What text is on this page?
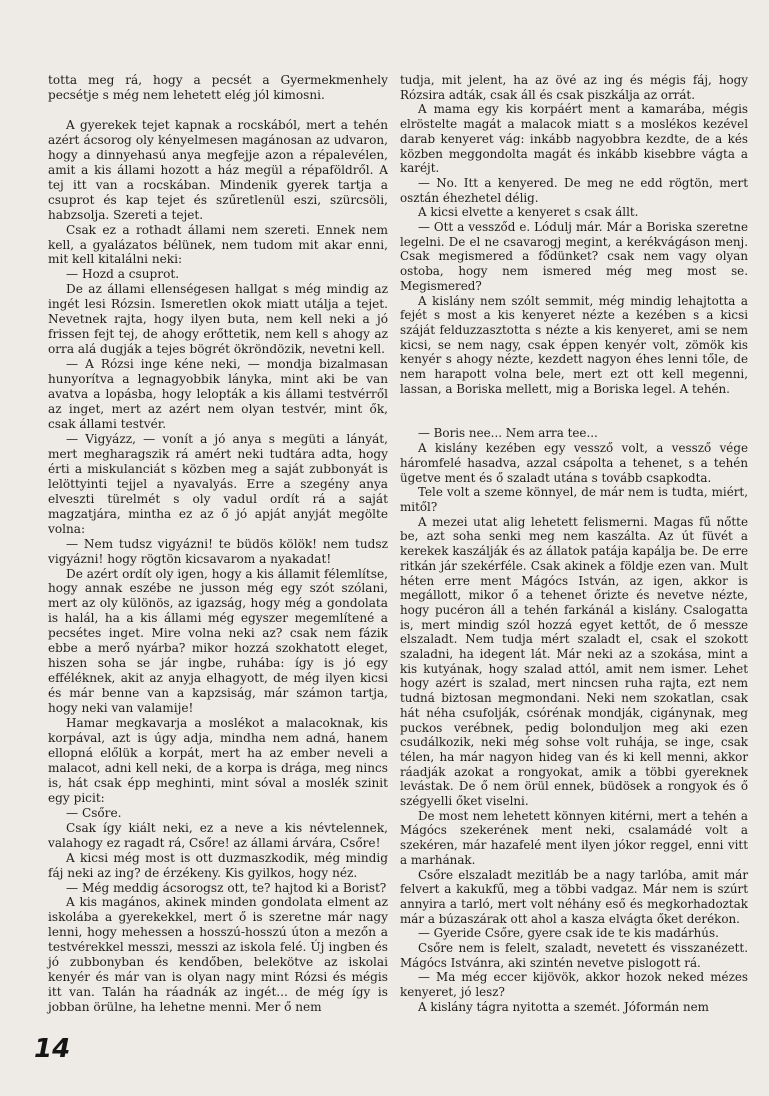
totta meg rá, hogy a pecsét a Gyermekmenhely pecsétje s még nem lehetett elég jól kimosni.

A gyerekek tejet kapnak a rocskából, mert a tehén azért ácsorog oly kényelmesen magánosan az udvaron, hogy a dinnyehasú anya megfejje azon a répalevélen, amit a kis állami hozott a ház megül a répaföldről. A tej itt van a rocskában. Mindenik gyerek tartja a csuprot és kap tejet és szűretlenül eszi, szürcsöli, habzsolja. Szereti a tejet.

Csak ez a rothadt állami nem szereti. Ennek nem kell, a gyalázatos bélünek, nem tudom mit akar enni, mit kell kitalálni neki:

— Hozd a csuprot.

De az állami ellenségesen hallgat s még mindig az ingét lesi Rózsin. Ismeretlen okok miatt utálja a tejet. Nevetnek rajta, hogy ilyen buta, nem kell neki a jó frissen fejt tej, de ahogy erőttetik, nem kell s ahogy az orra alá dugják a tejes bögrét ökröndözik, nevetni kell.

— A Rózsi inge kéne neki, — mondja bizalmasan hunyorítva a legnagyobbik lányka, mint aki be van avatva a lopásba, hogy lelopták a kis állami testvérről az inget, mert az azért nem olyan testvér, mint ők, csak állami testvér.

— Vigyázz, — vonít a jó anya s megüti a lányát, mert megharagszik rá amért neki tudtára adta, hogy érti a miskulanciát s közben meg a saját zubbonyát is lelöttyinti tejjel a nyavalyás. Erre a szegény anya elveszti türelmét s oly vadul ordít rá a saját magzatjára, mintha ez az ő jó apját anyját megölte volna:

— Nem tudsz vigyázni! te büdös kölök! nem tudsz vigyázni! hogy rögtön kicsavarom a nyakadat!

De azért ordít oly igen, hogy a kis államit félemlítse, hogy annak eszébe ne jusson még egy szót szólani, mert az oly különös, az igazság, hogy még a gondolata is halál, ha a kis állami még egyszer megemlítené a pecsétes inget. Mire volna neki az? csak nem fázik ebbe a merő nyárba? mikor hozzá szokhatott eleget, hiszen soha se jár ingbe, ruhába: így is jó egy efféléknek, akit az anyja elhagyott, de még ilyen kicsi és már benne van a kapzsiság, már számon tartja, hogy neki van valamije!

Hamar megkavarja a moslékot a malacoknak, kis korpával, azt is úgy adja, mindha nem adná, hanem ellopná előlük a korpát, mert ha az ember neveli a malacot, adni kell neki, de a korpa is drága, meg nincs is, hát csak épp meghinti, mint sóval a moslék szinit egy picit:

— Csőre.

Csak így kiált neki, ez a neve a kis névtelennek, valahogy ez ragadt rá, Csőre! az állami árvára, Csőre!

A kicsi még most is ott duzmaszkodik, még mindig fáj neki az ing? de érzékeny. Kis gyilkos, hogy néz.

— Még meddig ácsorogsz ott, te? hajtod ki a Borist?

A kis magános, akinek minden gondolata elment az iskolába a gyerekekkel, mert ő is szeretne már nagy lenni, hogy mehessen a hosszú-hosszú úton a mezőn a testvérekkel messzi, messzi az iskola felé. Új ingben és jó zubbonyban és kendőben, belekötve az iskolai kenyér és már van is olyan nagy mint Rózsi és mégis itt van. Talán ha ráadnák az ingét... de még így is jobban örülne, ha lehetne menni. Mer ő nem

tudja, mit jelent, ha az övé az ing és mégis fáj, hogy Rózsira adták, csak áll és csak piszkálja az orrát.

A mama egy kis korpáért ment a kamarába, mégis elröstelte magát a malacok miatt s a moslékos kezével darab kenyeret vág: inkább nagyobbra kezdte, de a kés közben meggondolta magát és inkább kisebbre vágta a karéjt.

— No. Itt a kenyered. De meg ne edd rögtön, mert osztán éhezhetel délig.

A kicsi elvette a kenyeret s csak állt.

— Ott a vessződ e. Lódulj már. Már a Boriska szeretne legelni. De el ne csavarogj megint, a kerékvágáson menj. Csak megismered a fődünket? csak nem vagy olyan ostoba, hogy nem ismered még meg most se. Megismered?

A kislány nem szólt semmit, még mindig lehajtotta a fejét s most a kis kenyeret nézte a kezében s a kicsi száját felduzzasztotta s nézte a kis kenyeret, ami se nem kicsi, se nem nagy, csak éppen kenyér volt, zömök kis kenyér s ahogy nézte, kezdett nagyon éhes lenni tőle, de nem harapott volna bele, mert ezt ott kell megenni, lassan, a Boriska mellett, mig a Boriska legel. A tehén.

— Boris nee... Nem arra tee...

A kislány kezében egy vessző volt, a vessző vége háromfelé hasadva, azzal csápolta a tehenet, s a tehén ügetve ment és ő szaladt utána s tovább csapkodta.

Tele volt a szeme könnyel, de már nem is tudta, miért, mitől?

A mezei utat alig lehetett felismerni. Magas fű nőtte be, azt soha senki meg nem kaszálta. Az út füvét a kerekek kaszálják és az állatok patája kapálja be. De erre ritkán jár szekérféle. Csak akinek a földje ezen van. Mult héten erre ment Mágócs István, az igen, akkor is megállott, mikor ő a tehenet őrizte és nevetve nézte, hogy pucéron áll a tehén farkánál a kislány. Csalogatta is, mert mindig szól hozzá egyet kettőt, de ő messze elszaladt. Nem tudja mért szaladt el, csak el szokott szaladni, ha idegent lát. Már neki az a szokása, mint a kis kutyának, hogy szalad attól, amit nem ismer. Lehet hogy azért is szalad, mert nincsen ruha rajta, ezt nem tudná biztosan megmondani. Neki nem szokatlan, csak hát néha csufolják, csórénak mondják, cigánynak, meg puckos verébnek, pedig bolonduljon meg aki ezen csudálkozik, neki még sohse volt ruhája, se inge, csak télen, ha már nagyon hideg van és ki kell menni, akkor ráadják azokat a rongyokat, amik a többi gyereknek levástak. De ő nem örül ennek, büdösek a rongyok és ő szégyelli őket viselni.

De most nem lehetett könnyen kitérni, mert a tehén a Mágócs szekerének ment neki, csalamádé volt a szekéren, már hazafelé ment ilyen jókor reggel, enni vitt a marhának.

Csőre elszaladt mezitláb be a nagy tarlóba, amit már felvert a kakukfű, meg a többi vadgaz. Már nem is szúrt annyira a tarló, mert volt néhány eső és megkorhadoztak már a búzaszárak ott ahol a kasza elvágta őket derékon.

— Gyeride Csőre, gyere csak ide te kis madárhús.

Csőre nem is felelt, szaladt, nevetett és visszanézett. Mágócs Istvánra, aki szintén nevetve pislogott rá.

— Ma még eccer kijövök, akkor hozok neked mézes kenyeret, jó lesz?

A kislány tágra nyitotta a szemét. Jóformán nem

14
